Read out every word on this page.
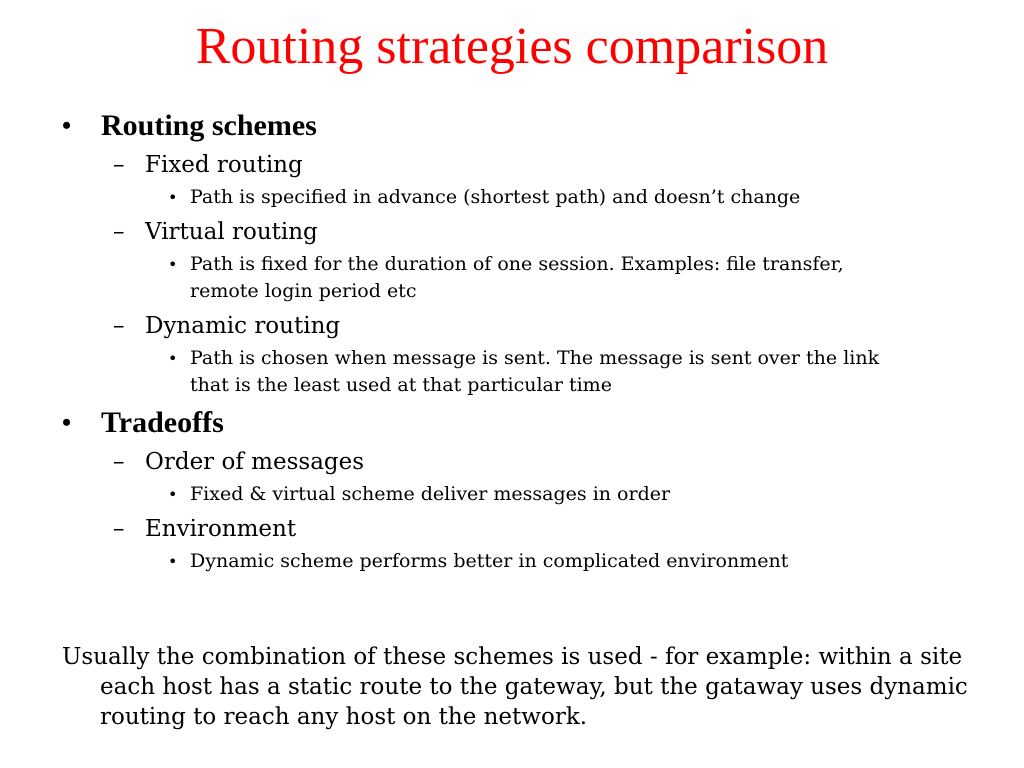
Routing strategies comparison
• Routing schemes
– Fixed routing
• Path is specified in advance (shortest path) and doesn’t change
– Virtual routing
• Path is fixed for the duration of one session. Examples: file transfer, remote login period etc
– Dynamic routing
• Path is chosen when message is sent. The message is sent over the link that is the least used at that particular time
• Tradeoffs
– Order of messages
• Fixed & virtual scheme deliver messages in order
– Environment
• Dynamic scheme performs better in complicated environment
Usually the combination of these schemes is used - for example: within a site each host has a static route to the gateway, but the gataway uses dynamic routing to reach any host on the network.
